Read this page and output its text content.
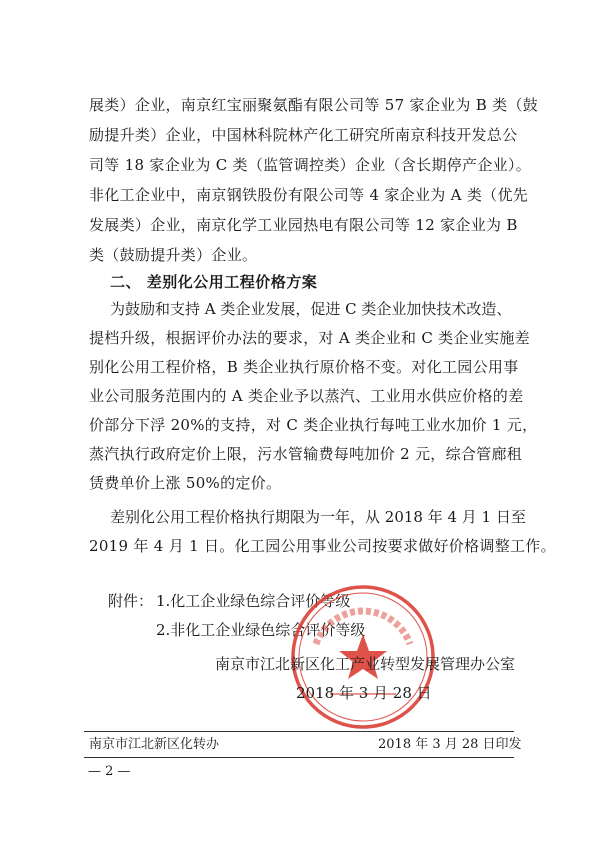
展类）企业，南京红宝丽聚氨酯有限公司等 57 家企业为 B 类（鼓
励提升类）企业，中国林科院林产化工研究所南京科技开发总公
司等 18 家企业为 C 类（监管调控类）企业（含长期停产企业）。
非化工企业中，南京钢铁股份有限公司等 4 家企业为 A 类（优先
发展类）企业，南京化学工业园热电有限公司等 12 家企业为 B
类（鼓励提升类）企业。
二、 差别化公用工程价格方案
为鼓励和支持 A 类企业发展，促进 C 类企业加快技术改造、
提档升级，根据评价办法的要求，对 A 类企业和 C 类企业实施差
别化公用工程价格，B 类企业执行原价格不变。对化工园公用事
业公司服务范围内的 A 类企业予以蒸汽、工业用水供应价格的差
价部分下浮 20%的支持，对 C 类企业执行每吨工业水加价 1 元，
蒸汽执行政府定价上限，污水管输费每吨加价 2 元，综合管廊租
赁费单价上涨 50%的定价。
差别化公用工程价格执行期限为一年，从 2018 年 4 月 1 日至
2019 年 4 月 1 日。化工园公用事业公司按要求做好价格调整工作。
附件： 1.化工企业绿色综合评价等级
2.非化工企业绿色综合评价等级
南京市江北新区化工产业转型发展管理办公室
2018 年 3 月 28 日
南京市江北新区化转办	2018 年 3 月 28 日印发
— 2 —
